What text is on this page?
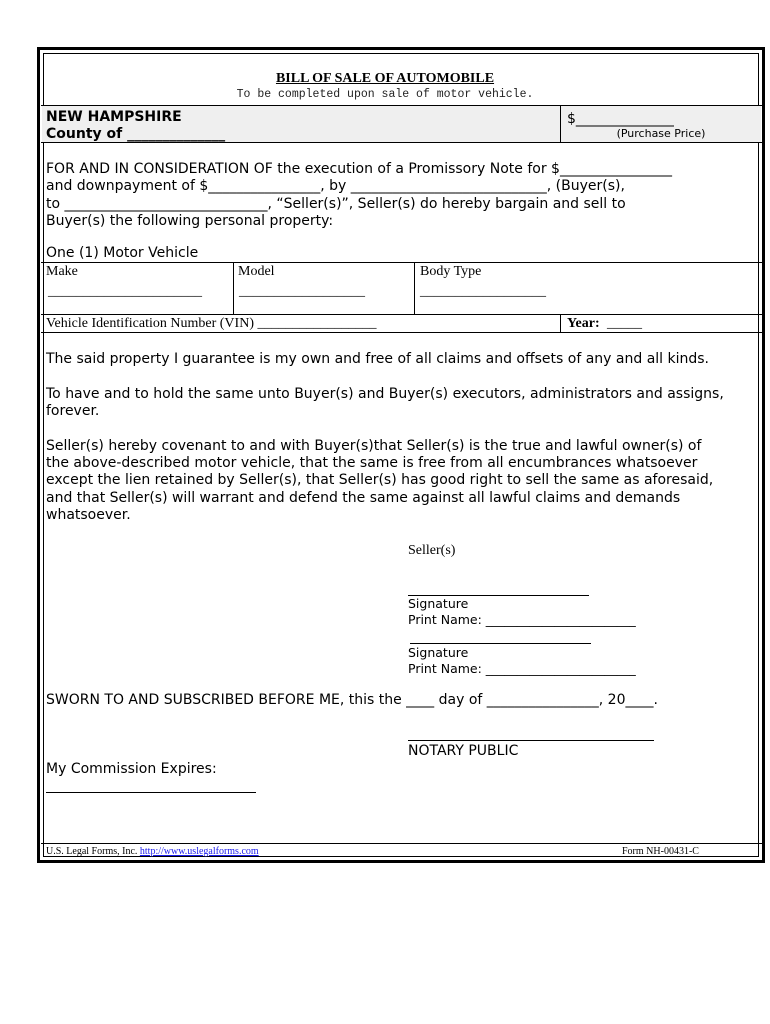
BILL OF SALE OF AUTOMOBILE
To be completed upon sale of motor vehicle.
NEW HAMPSHIRE
County of ______________
$______________
(Purchase Price)
FOR AND IN CONSIDERATION OF the execution of a Promissory Note for $________________
and downpayment of $________________, by ____________________________, (Buyer(s),
to _____________________________, “Seller(s)”, Seller(s) do hereby bargain and sell to
Buyer(s) the following personal property:
One (1) Motor Vehicle
Make
______________________
Model
__________________
Body Type
__________________
Vehicle Identification Number (VIN) _________________	Year: _____
The said property I guarantee is my own and free of all claims and offsets of any and all kinds.
To have and to hold the same unto Buyer(s) and Buyer(s) executors, administrators and assigns,
forever.
Seller(s) hereby covenant to and with Buyer(s)that Seller(s) is the true and lawful owner(s) of
the above-described motor vehicle, that the same is free from all encumbrances whatsoever
except the lien retained by Seller(s), that Seller(s) has good right to sell the same as aforesaid,
and that Seller(s) will warrant and defend the same against all lawful claims and demands
whatsoever.
Seller(s)
Signature
Print Name: ________________________
Signature
Print Name: ________________________
SWORN TO AND SUBSCRIBED BEFORE ME, this the ____ day of ________________, 20____.
NOTARY PUBLIC
My Commission Expires:
U.S. Legal Forms, Inc. http://www.uslegalforms.com	Form NH-00431-C
